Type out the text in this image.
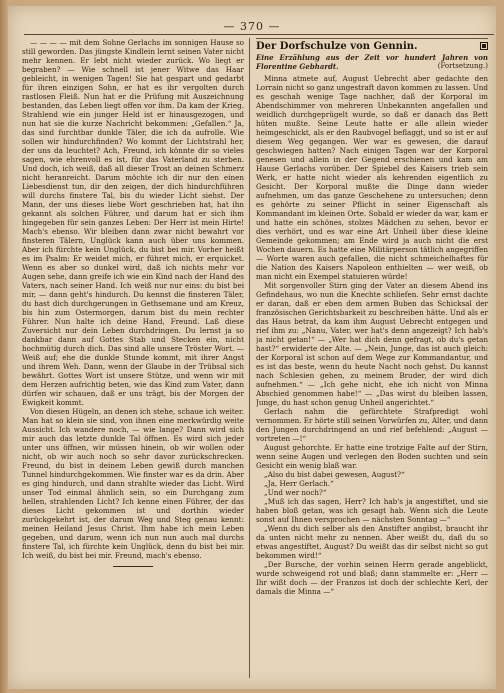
— 370 —

— — — — mit dem Sohne Gerlachs im sonnigen Hause so still geworden. Das jüngste Kindlein lernt seinen Vater nicht mehr kennen. Er lebt nicht wieder zurück. Wo liegt er begraben? — Wie schnell ist jener Witwe das Haar gebleicht, in wenigen Tagen! Sie hat gespart und gedarbt für ihren einzigen Sohn, er hat es ihr vergolten durch rastlosen Fleiß. Nun hat er die Prüfung mit Auszeichnung bestanden, das Leben liegt offen vor ihm. Da kam der Krieg. Strahlend wie ein junger Held ist er hinausgezogen, und nun hat sie die kurze Nachricht bekommen: „Gefallen.“ Ja, das sind furchtbar dunkle Täler, die ich da aufrolle. Wie sollen wir hindurchfinden? Wo kommt der Lichtstrahl her, der uns da leuchtet? Ach, Freund, ich könnte dir so vieles sagen, wie ehrenvoll es ist, für das Vaterland zu sterben. Und doch, ich weiß, daß all dieser Trost an deinen Schmerz nicht heranreicht. Darum möchte ich dir nur den einen Liebesdienst tun, dir den zeigen, der dich hindurchführen will durchs finstere Tal, bis du wieder Licht siehst. Der Mann, der uns dieses liebe Wort geschrieben hat, hat ihn gekannt als solchen Führer, und darum hat er sich ihm hingegeben für sein ganzes Leben: Der Herr ist mein Hirte! Mach's ebenso. Wir bleiben dann zwar nicht bewahrt vor finsteren Tälern, Unglück kann auch über uns kommen. Aber ich fürchte kein Unglück, du bist bei mir. Vorher heißt es im Psalm: Er weidet mich, er führet mich, er erquicket. Wenn es aber so dunkel wird, daß ich nichts mehr vor Augen sehe, dann greife ich wie ein Kind nach der Hand des Vaters, nach seiner Hand. Ich weiß nur nur eins: du bist bei mir, — dann geht's hindurch. Du kennst die finsteren Täler, du hast dich durchgerungen in Gethsemane und am Kreuz, bis hin zum Ostermorgen, darum bist du mein rechter Führer. Nun halte ich deine Hand, Freund. Laß diese Zuversicht nur dein Leben durchdringen. Du lernst ja so dankbar dann auf Gottes Stab und Stecken ein, nicht hochmütig durch dich. Das sind alle unsere Tröster Wort. — Weiß auf; ehe die dunkle Stunde kommt, mit ihrer Angst und ihrem Weh. Dann, wenn der Glaube in der Trübsal sich bewährt. Gottes Wort ist unsere Stütze, und wenn wir mit dem Herzen aufrichtig beten, wie das Kind zum Vater, dann dürfen wir schauen, daß er uns trägt, bis der Morgen der Ewigkeit kommt.

Von diesen Hügeln, an denen ich stehe, schaue ich weiter. Man hat so klein sie sind, von ihnen eine merkwürdig weite Aussicht. Ich wandere noch, — wie lange? Dann wird sich mir auch das letzte dunkle Tal öffnen. Es wird sich jeder unter uns öffnen, wir müssen hinein, ob wir wollen oder nicht, ob wir auch noch so sehr davor zurückschrecken. Freund, du bist in deinem Leben gewiß durch manchen Tunnel hindurchgekommen. Wie finster war es da drin. Aber es ging hindurch, und dann strahlte wieder das Licht. Wird unser Tod einmal ähnlich sein, so ein Durchgang zum hellen, strahlenden Licht? Ich kenne einen Führer, der das dieses Licht gekommen ist und dorthin wieder zurückgekehrt ist, der darum Weg und Steg genau kennt: meinen Heiland Jesus Christ. Ihm habe ich mein Leben gegeben, und darum, wenn ich nun nun auch mal durchs finstere Tal, ich fürchte kein Unglück, denn du bist bei mir. Ich weiß, du bist bei mir. Freund, mach's ebenso.

Der Dorfschulze von Gennin.
Eine Erzählung aus der Zeit vor hundert Jahren von Florentine Gebhardt.	(Fortsetzung.)

Minna atmete auf, August Uebrecht aber gedachte den Lorrain nicht so ganz ungestraft davon kommen zu lassen. Und es geschah wenige Tage nachher, daß der Korporal im Abendschimmer von mehreren Unbekannten angefallen und weidlich durchgeprügelt wurde, so daß er danach das Bett hüten mußte. Seine Leute hatte er alle allein wieder heimgeschickt, als er den Raubvogel beflaggt, und so ist er auf diesem Weg gegangen. Wer war es gewesen, die darauf geschwiegen hatten? Nach einigen Tagen war der Korporal genesen und allein in der Gegend erschienen und kam am Hause Gerlachs vorüber. Der Spiebel des Kaisers trieb sein Werk, er hatte nicht wieder als kehrenden eigentlich zu Gesicht. Der Korporal mußte die Dinge dann wieder aufnehmen, um das ganze Geschehene zu untersuchen; denn es gehörte zu seiner Pflicht in seiner Eigenschaft als Kommandant im kleinen Orte. Sobald er wieder da war, kam er und hatte ein schönes, stolzes Mädchen zu sehen, bevor er dies verhört, und es war eine Art Unheil über diese kleine Gemeinde gekommen; am Ende wird ja auch nicht die erst Wochen dauern. Es hatte eine Militärperson tätlich angegriffen — Worte waren auch gefallen, die nicht schmeichelhaftes für die Nation des Kaisers Napoleon enthielten — wer weiß, ob man nicht ein Exempel statuieren würde!

Mit sorgenvoller Stirn ging der Vater an diesem Abend ins Gefindehaus, wo nun die Knechte schliefen. Sehr ernst dachte er daran, daß er eben dem armen Buben das Schicksal der französischen Gerichtsbarkeit zu beschreiben hätte. Und als er das Haus betrat, da kam ihm August Uebrecht entgegen und rief ihm zu: „Nanu, Vater, wer hat's denn angezeigt? Ich hab's ja nicht getan!“ — „Wer hat dich denn gefragt, ob du's getan hast?“ erwiderte der Alte. — „Nein, Junge, das ist auch gleich: der Korporal ist schon auf dem Wege zur Kommandantur, und es ist das beste, wenn du heute Nacht noch gehst. Du kannst nach Schlesien gehen, zu meinem Bruder, der wird dich aufnehmen.“ — „Ich gehe nicht, ehe ich nicht von Minna Abschied genommen habe!“ — „Das wirst du bleiben lassen, Junge, du hast schon genug Unheil angerichtet.“

Gerlach nahm die gefürchtete Strafpredigt wohl vernommen. Er hörte still seinen Vorwürfen zu, Alter, und dann den Jungen durchdringend an und rief befehlend: „August — vortreten —!“

August gehorchte. Er hatte eine trotzige Falte auf der Stirn, wenn seine Augen und verlegen den Boden suchten und sein Gesicht ein wenig blaß war.

„Also du bist dabei gewesen, August?“

„Ja, Herr Gerlach.“

„Und wer noch?“

„Muß ich das sagen, Herr? Ich hab's ja angestiftet, und sie haben bloß getan, was ich gesagt hab. Wenn sich die Leute sonst auf Ihnen versprochen — nächsten Sonntag —“

„Wenn du dich selber als den Anstifter angibst, braucht ihr da unten nicht mehr zu nennen. Aber weißt du, daß du so etwas angestiftet, August? Du weißt das dir selbst nicht so gut bekommen wird!“

„Der Bursche, der vorhin seinen Herrn gerade angeblickt, wurde schweigend rot und blaß; dann stammelte er: „Herr — Ihr wißt doch — der Franzos ist doch der schlechte Kerl, der damals die Minna —“
